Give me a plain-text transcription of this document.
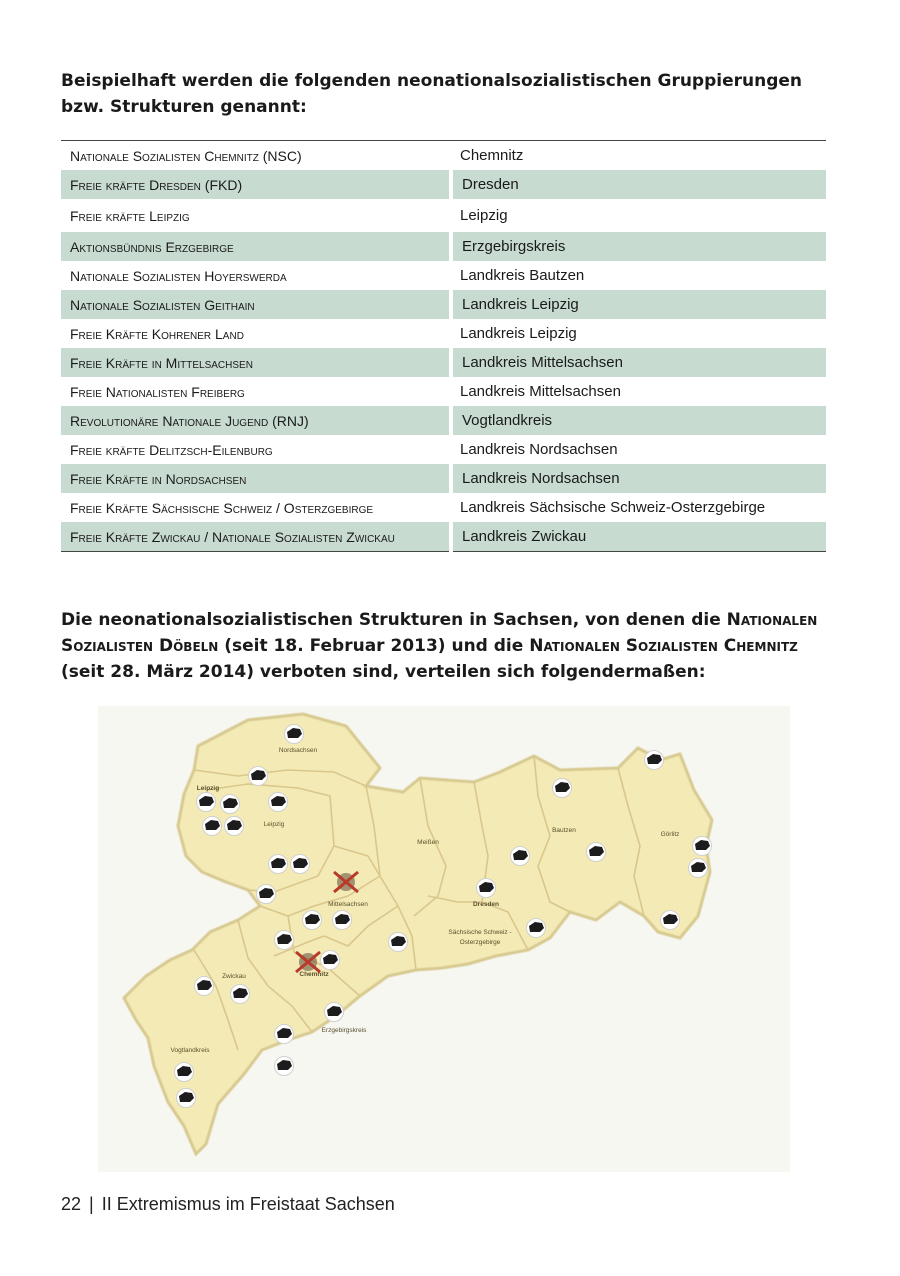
Beispielhaft werden die folgenden neonationalsozialistischen Gruppierungen bzw. Strukturen genannt:

Nationale Sozialisten Chemnitz (NSC)	Chemnitz
Freie kräfte Dresden (FKD)	Dresden
Freie kräfte Leipzig	Leipzig
Aktionsbündnis Erzgebirge	Erzgebirgskreis
Nationale Sozialisten Hoyerswerda	Landkreis Bautzen
Nationale Sozialisten Geithain	Landkreis Leipzig
Freie Kräfte Kohrener Land	Landkreis Leipzig
Freie Kräfte in Mittelsachsen	Landkreis Mittelsachsen
Freie Nationalisten Freiberg	Landkreis Mittelsachsen
Revolutionäre Nationale Jugend (RNJ)	Vogtlandkreis
Freie kräfte Delitzsch-Eilenburg	Landkreis Nordsachsen
Freie Kräfte in Nordsachsen	Landkreis Nordsachsen
Freie Kräfte Sächsische Schweiz / Osterzgebirge	Landkreis Sächsische Schweiz-Osterzgebirge
Freie Kräfte Zwickau / Nationale Sozialisten Zwickau	Landkreis Zwickau

Die neonationalsozialistischen Strukturen in Sachsen, von denen die Nationalen Sozialisten Döbeln (seit 18. Februar 2013) und die Nationalen Sozialisten Chemnitz (seit 28. März 2014) verboten sind, verteilen sich folgendermaßen:

Nordsachsen
Leipzig
Leipzig
Meißen
Bautzen
Görlitz
Mittelsachsen	Dresden
Sächsische Schweiz -
Osterzgebirge
Zwickau	Chemnitz
Erzgebirgskreis
Vogtlandkreis
22 | II Extremismus im Freistaat Sachsen
